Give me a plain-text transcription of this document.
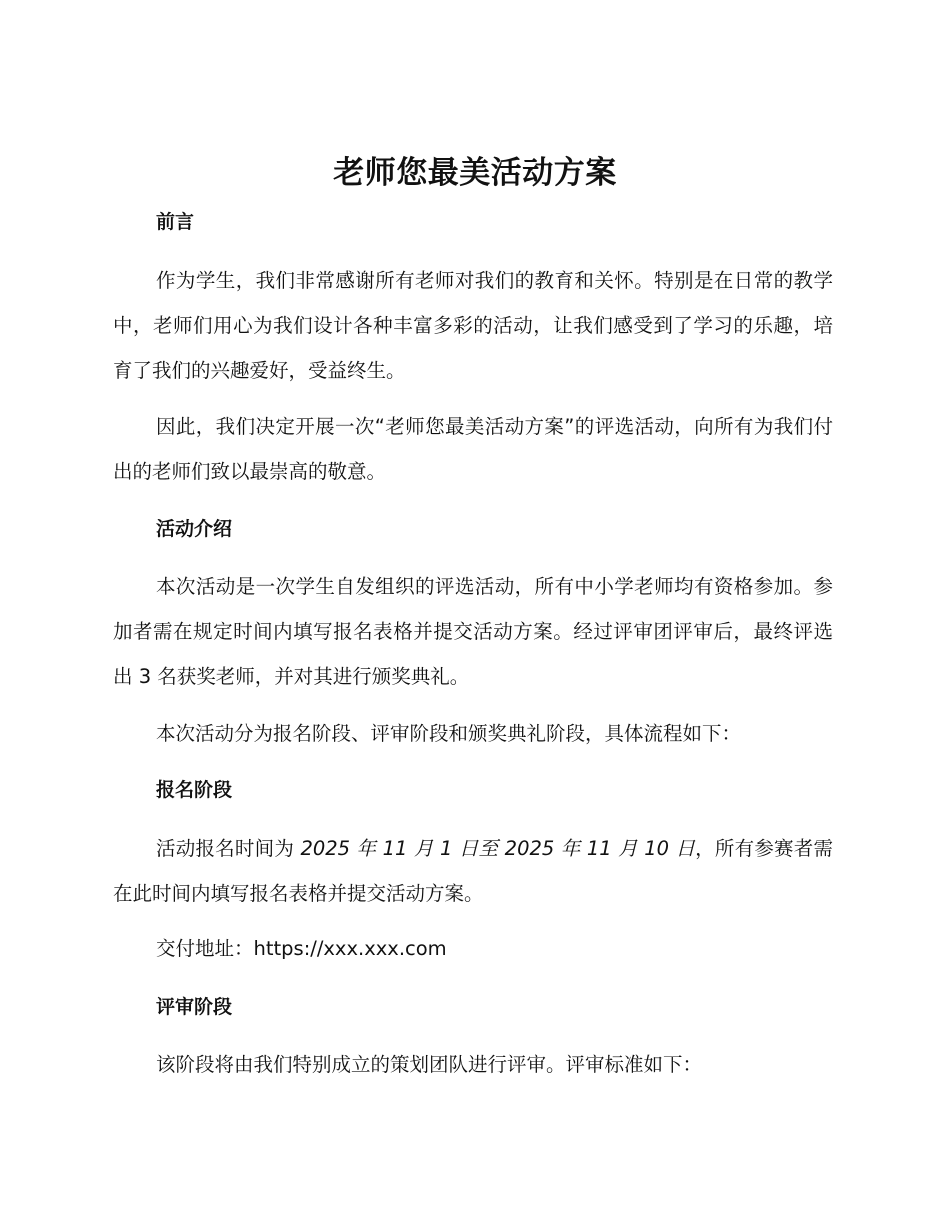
老师您最美活动方案
前言
作为学生，我们非常感谢所有老师对我们的教育和关怀。特别是在日常的教学中，老师们用心为我们设计各种丰富多彩的活动，让我们感受到了学习的乐趣，培育了我们的兴趣爱好，受益终生。
因此，我们决定开展一次“老师您最美活动方案”的评选活动，向所有为我们付出的老师们致以最崇高的敬意。
活动介绍
本次活动是一次学生自发组织的评选活动，所有中小学老师均有资格参加。参加者需在规定时间内填写报名表格并提交活动方案。经过评审团评审后，最终评选出 3 名获奖老师，并对其进行颁奖典礼。
本次活动分为报名阶段、评审阶段和颁奖典礼阶段，具体流程如下：
报名阶段
活动报名时间为 2025 年 11 月 1 日至 2025 年 11 月 10 日，所有参赛者需在此时间内填写报名表格并提交活动方案。
交付地址：https://xxx.xxx.com
评审阶段
该阶段将由我们特别成立的策划团队进行评审。评审标准如下：
